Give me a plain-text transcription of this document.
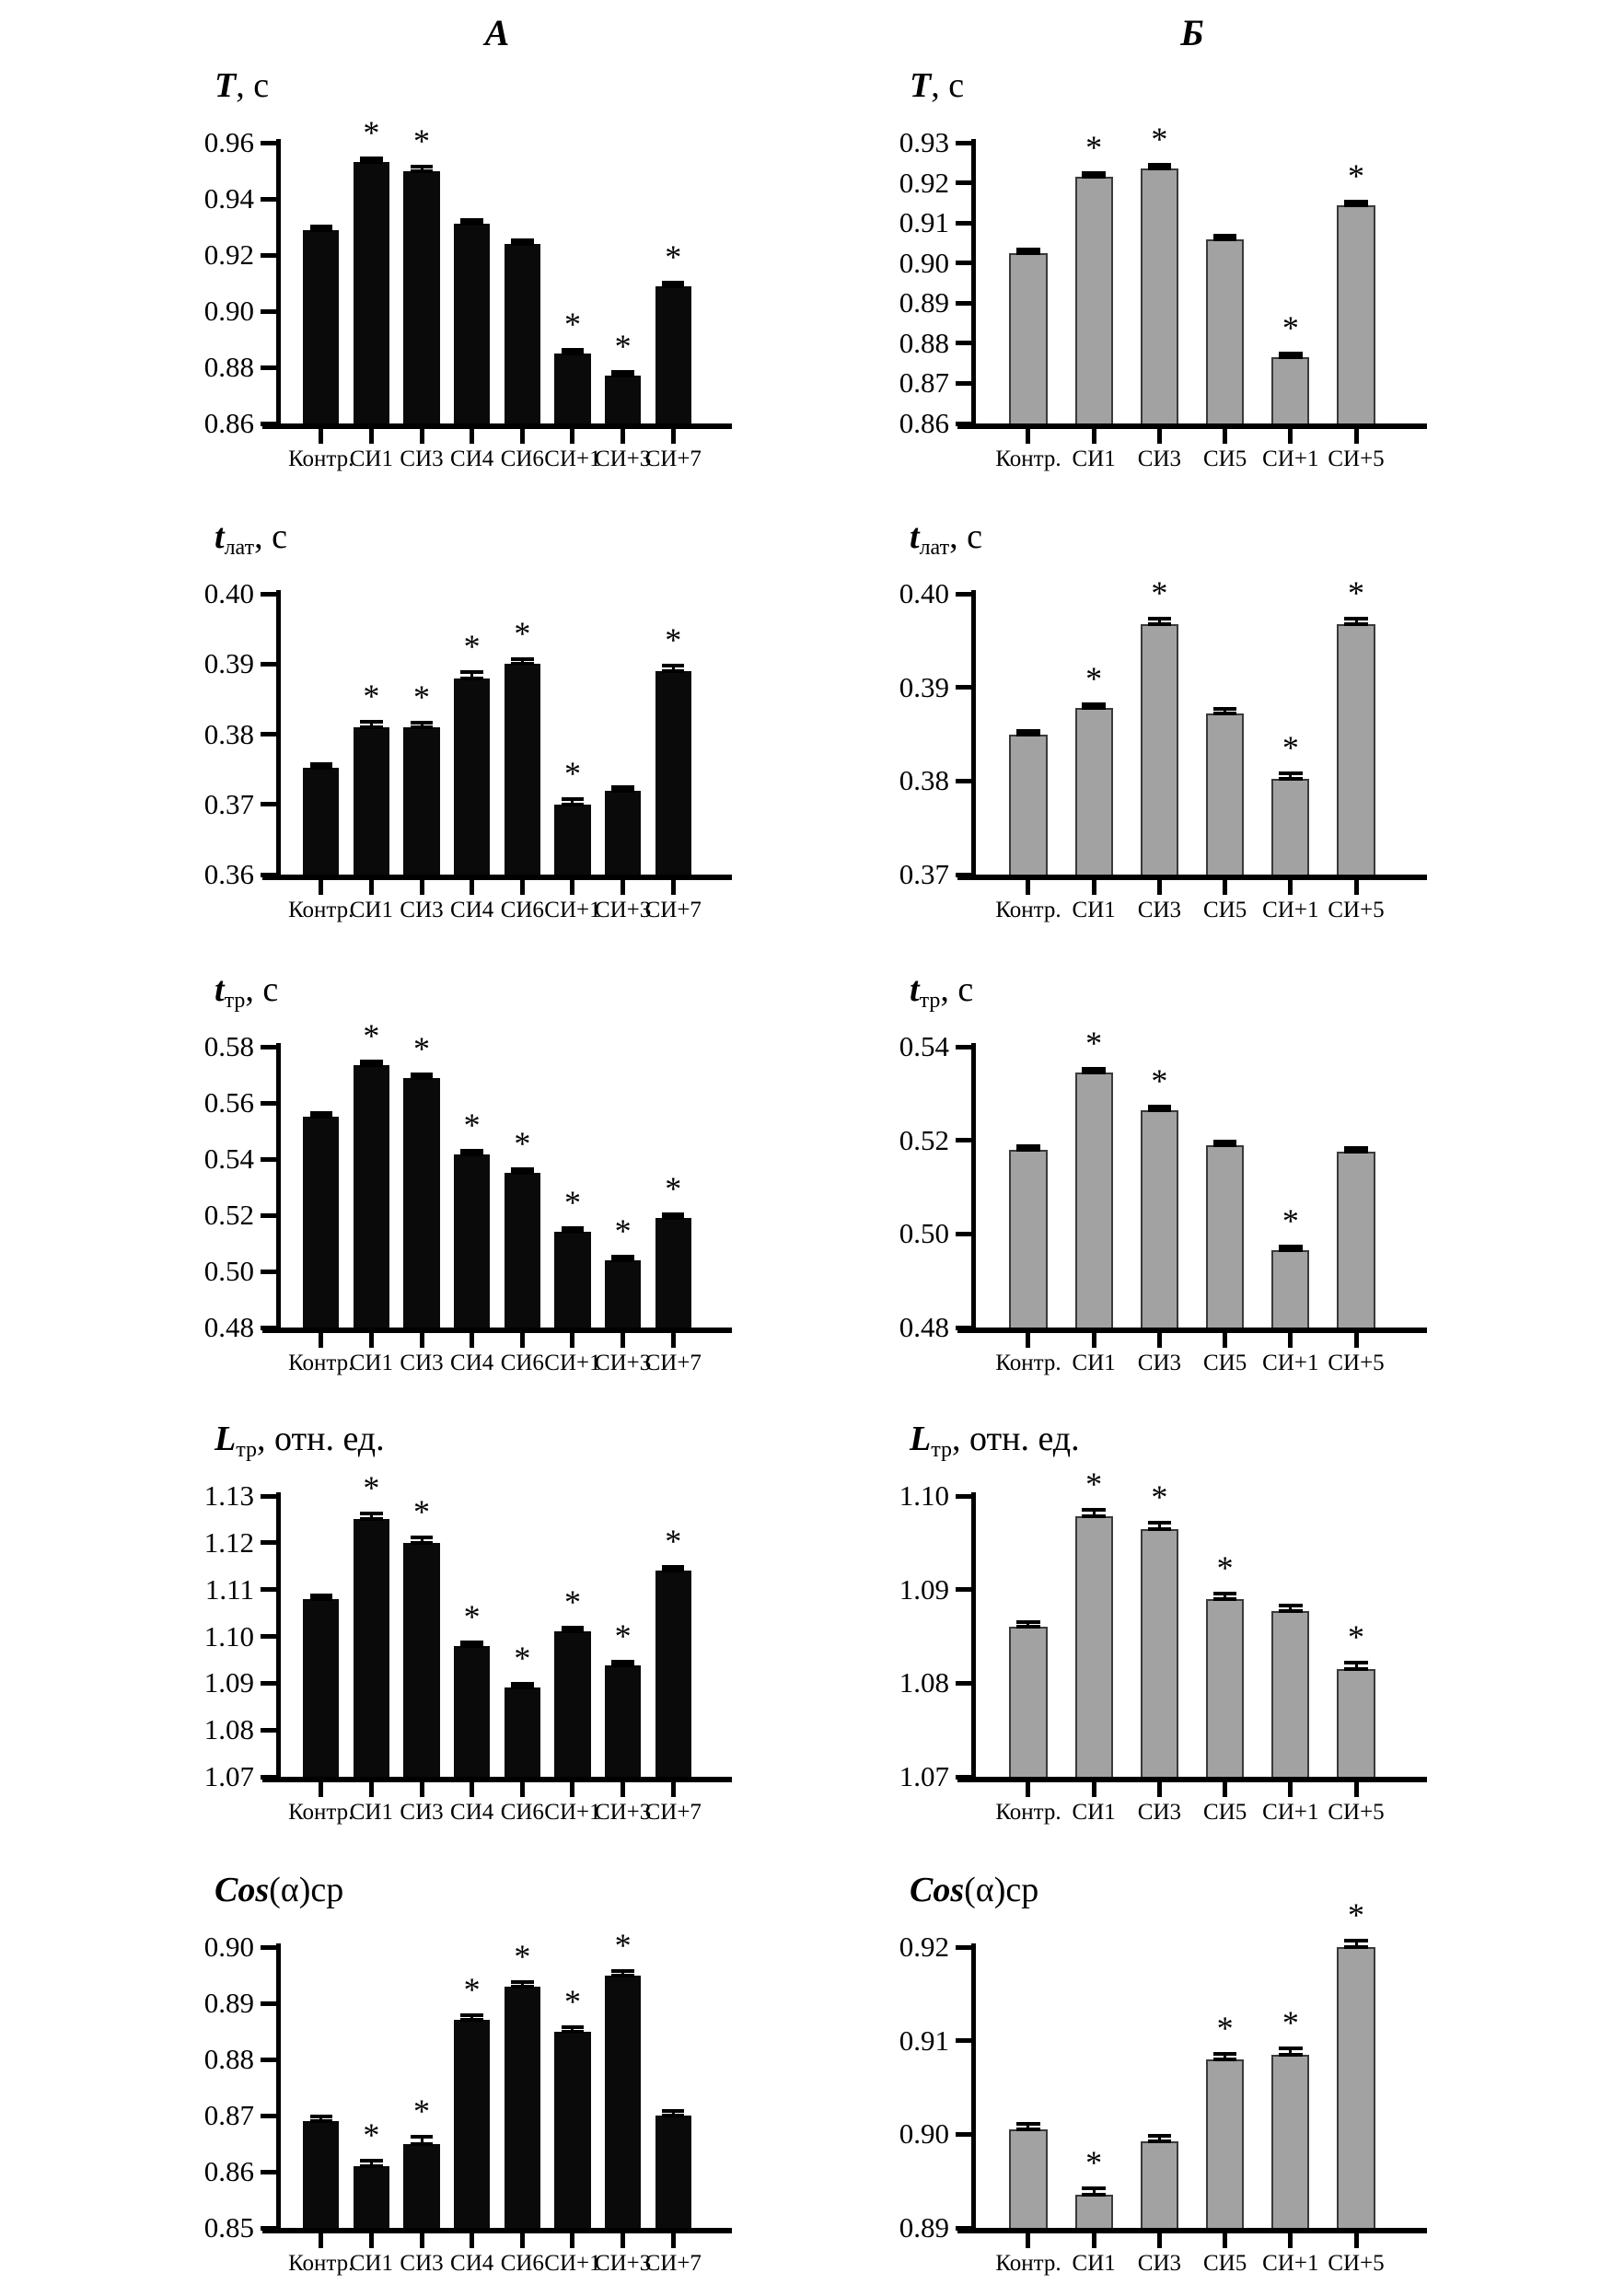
А	Б
T, с
0.86
0.88
0.90
0.92
0.94
0.96
Контр.
*
СИ1
*
СИ3 СИ4 СИ6
*
СИ+1
*
СИ+3
*
СИ+7
T, с
0.86
0.87
0.88
0.89
0.90
0.91
0.92
0.93
Контр.
*
СИ1
*
СИ3 СИ5
*
СИ+1
*
СИ+5
tлат, с
0.36
0.37
0.38
0.39
0.40
Контр.
*
СИ1
*
СИ3
*
СИ4
*
СИ6
*
СИ+1
СИ+3
*
СИ+7
tлат, с
0.37
0.38
0.39
0.40
Контр.
*
СИ1
*
СИ3 СИ5
*
СИ+1
*
СИ+5
tтр, с
0.48
0.50
0.52
0.54
0.56
0.58
Контр.
*
СИ1
*
СИ3
*
СИ4
*
СИ6
*
СИ+1
*
СИ+3
*
СИ+7
tтр, с
0.48
0.50
0.52
0.54
Контр.
*
СИ1
*
СИ3 СИ5
*
СИ+1 СИ+5
Lтр, отн. ед.
1.07
1.08
1.09
1.10
1.11
1.12
1.13
Контр.
*
СИ1
*
СИ3
*
СИ4
*
СИ6
*
СИ+1
*
СИ+3
*
СИ+7
Lтр, отн. ед.
1.07
1.08
1.09
1.10
Контр.
*
СИ1
*
СИ3
*
СИ5 СИ+1
*
СИ+5
Cos(α)ср
0.85
0.86
0.87
0.88
0.89
0.90
Контр.
*
СИ1
*
СИ3
*
СИ4
*
СИ6
*
СИ+1
*
СИ+3
СИ+7
Cos(α)ср
0.89
0.90
0.91
0.92
Контр.
*
СИ1 СИ3
*
СИ5
*
СИ+1
*
СИ+5
